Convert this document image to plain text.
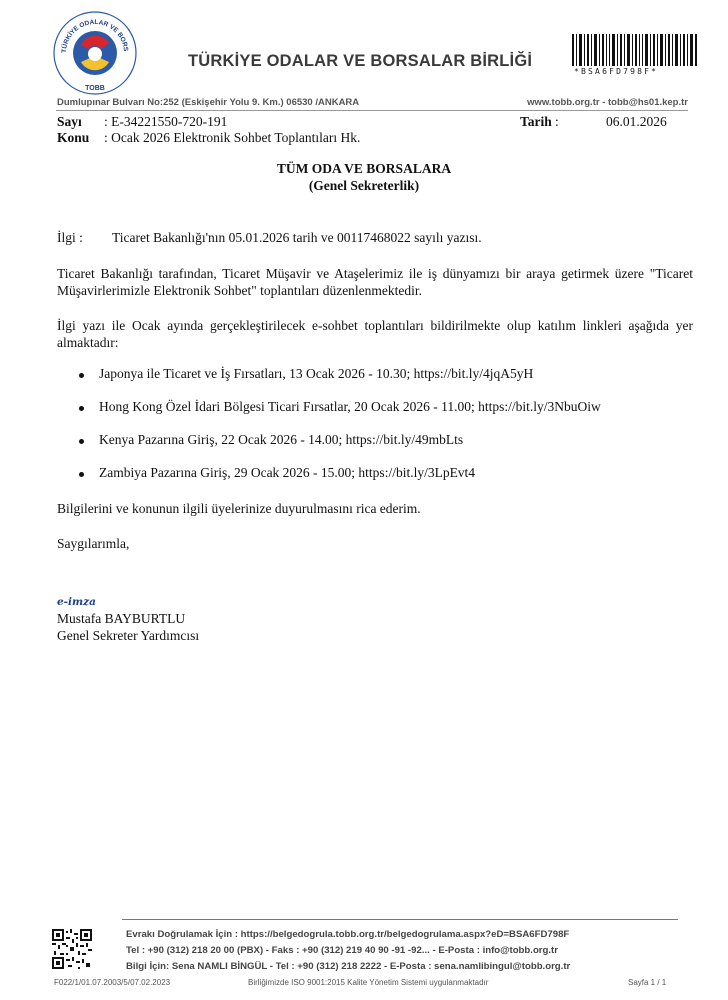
TÜRKİYE ODALAR VE BORS
TOBB
TÜRKİYE ODALAR VE BORSALAR BİRLİĞİ
*BSA6FD798F*
Dumlupınar Bulvarı No:252 (Eskişehir Yolu 9. Km.) 06530 /ANKARA	www.tobb.org.tr - tobb@hs01.kep.tr
Sayı : E-34221550-720-191	Tarih :	06.01.2026
Konu : Ocak 2026 Elektronik Sohbet Toplantıları Hk.
TÜM ODA VE BORSALARA
(Genel Sekreterlik)
İlgi : Ticaret Bakanlığı'nın 05.01.2026 tarih ve 00117468022 sayılı yazısı.
Ticaret Bakanlığı tarafından, Ticaret Müşavir ve Ataşelerimiz ile iş dünyamızı bir araya getirmek üzere "Ticaret Müşavirlerimizle Elektronik Sohbet" toplantıları düzenlenmektedir.
İlgi yazı ile Ocak ayında gerçekleştirilecek e-sohbet toplantıları bildirilmekte olup katılım linkleri aşağıda yer almaktadır:
Japonya ile Ticaret ve İş Fırsatları, 13 Ocak 2026 - 10.30; https://bit.ly/4jqA5yH
Hong Kong Özel İdari Bölgesi Ticari Fırsatlar, 20 Ocak 2026 - 11.00; https://bit.ly/3NbuOiw
Kenya Pazarına Giriş, 22 Ocak 2026 - 14.00; https://bit.ly/49mbLts
Zambiya Pazarına Giriş, 29 Ocak 2026 - 15.00; https://bit.ly/3LpEvt4
Bilgilerini ve konunun ilgili üyelerinize duyurulmasını rica ederim.
Saygılarımla,
e-imza
Mustafa BAYBURTLU
Genel Sekreter Yardımcısı
Evrakı Doğrulamak İçin : https://belgedogrula.tobb.org.tr/belgedogrulama.aspx?eD=BSA6FD798F
Tel : +90 (312) 218 20 00 (PBX) - Faks : +90 (312) 219 40 90 -91 -92... - E-Posta : info@tobb.org.tr
Bilgi İçin: Sena NAMLI BİNGÜL - Tel : +90 (312) 218 2222 - E-Posta : sena.namlibingul@tobb.org.tr
F022/1/01.07.2003/5/07.02.2023	Birliğimizde ISO 9001:2015 Kalite Yönetim Sistemi uygulanmaktadır	Sayfa 1 / 1
